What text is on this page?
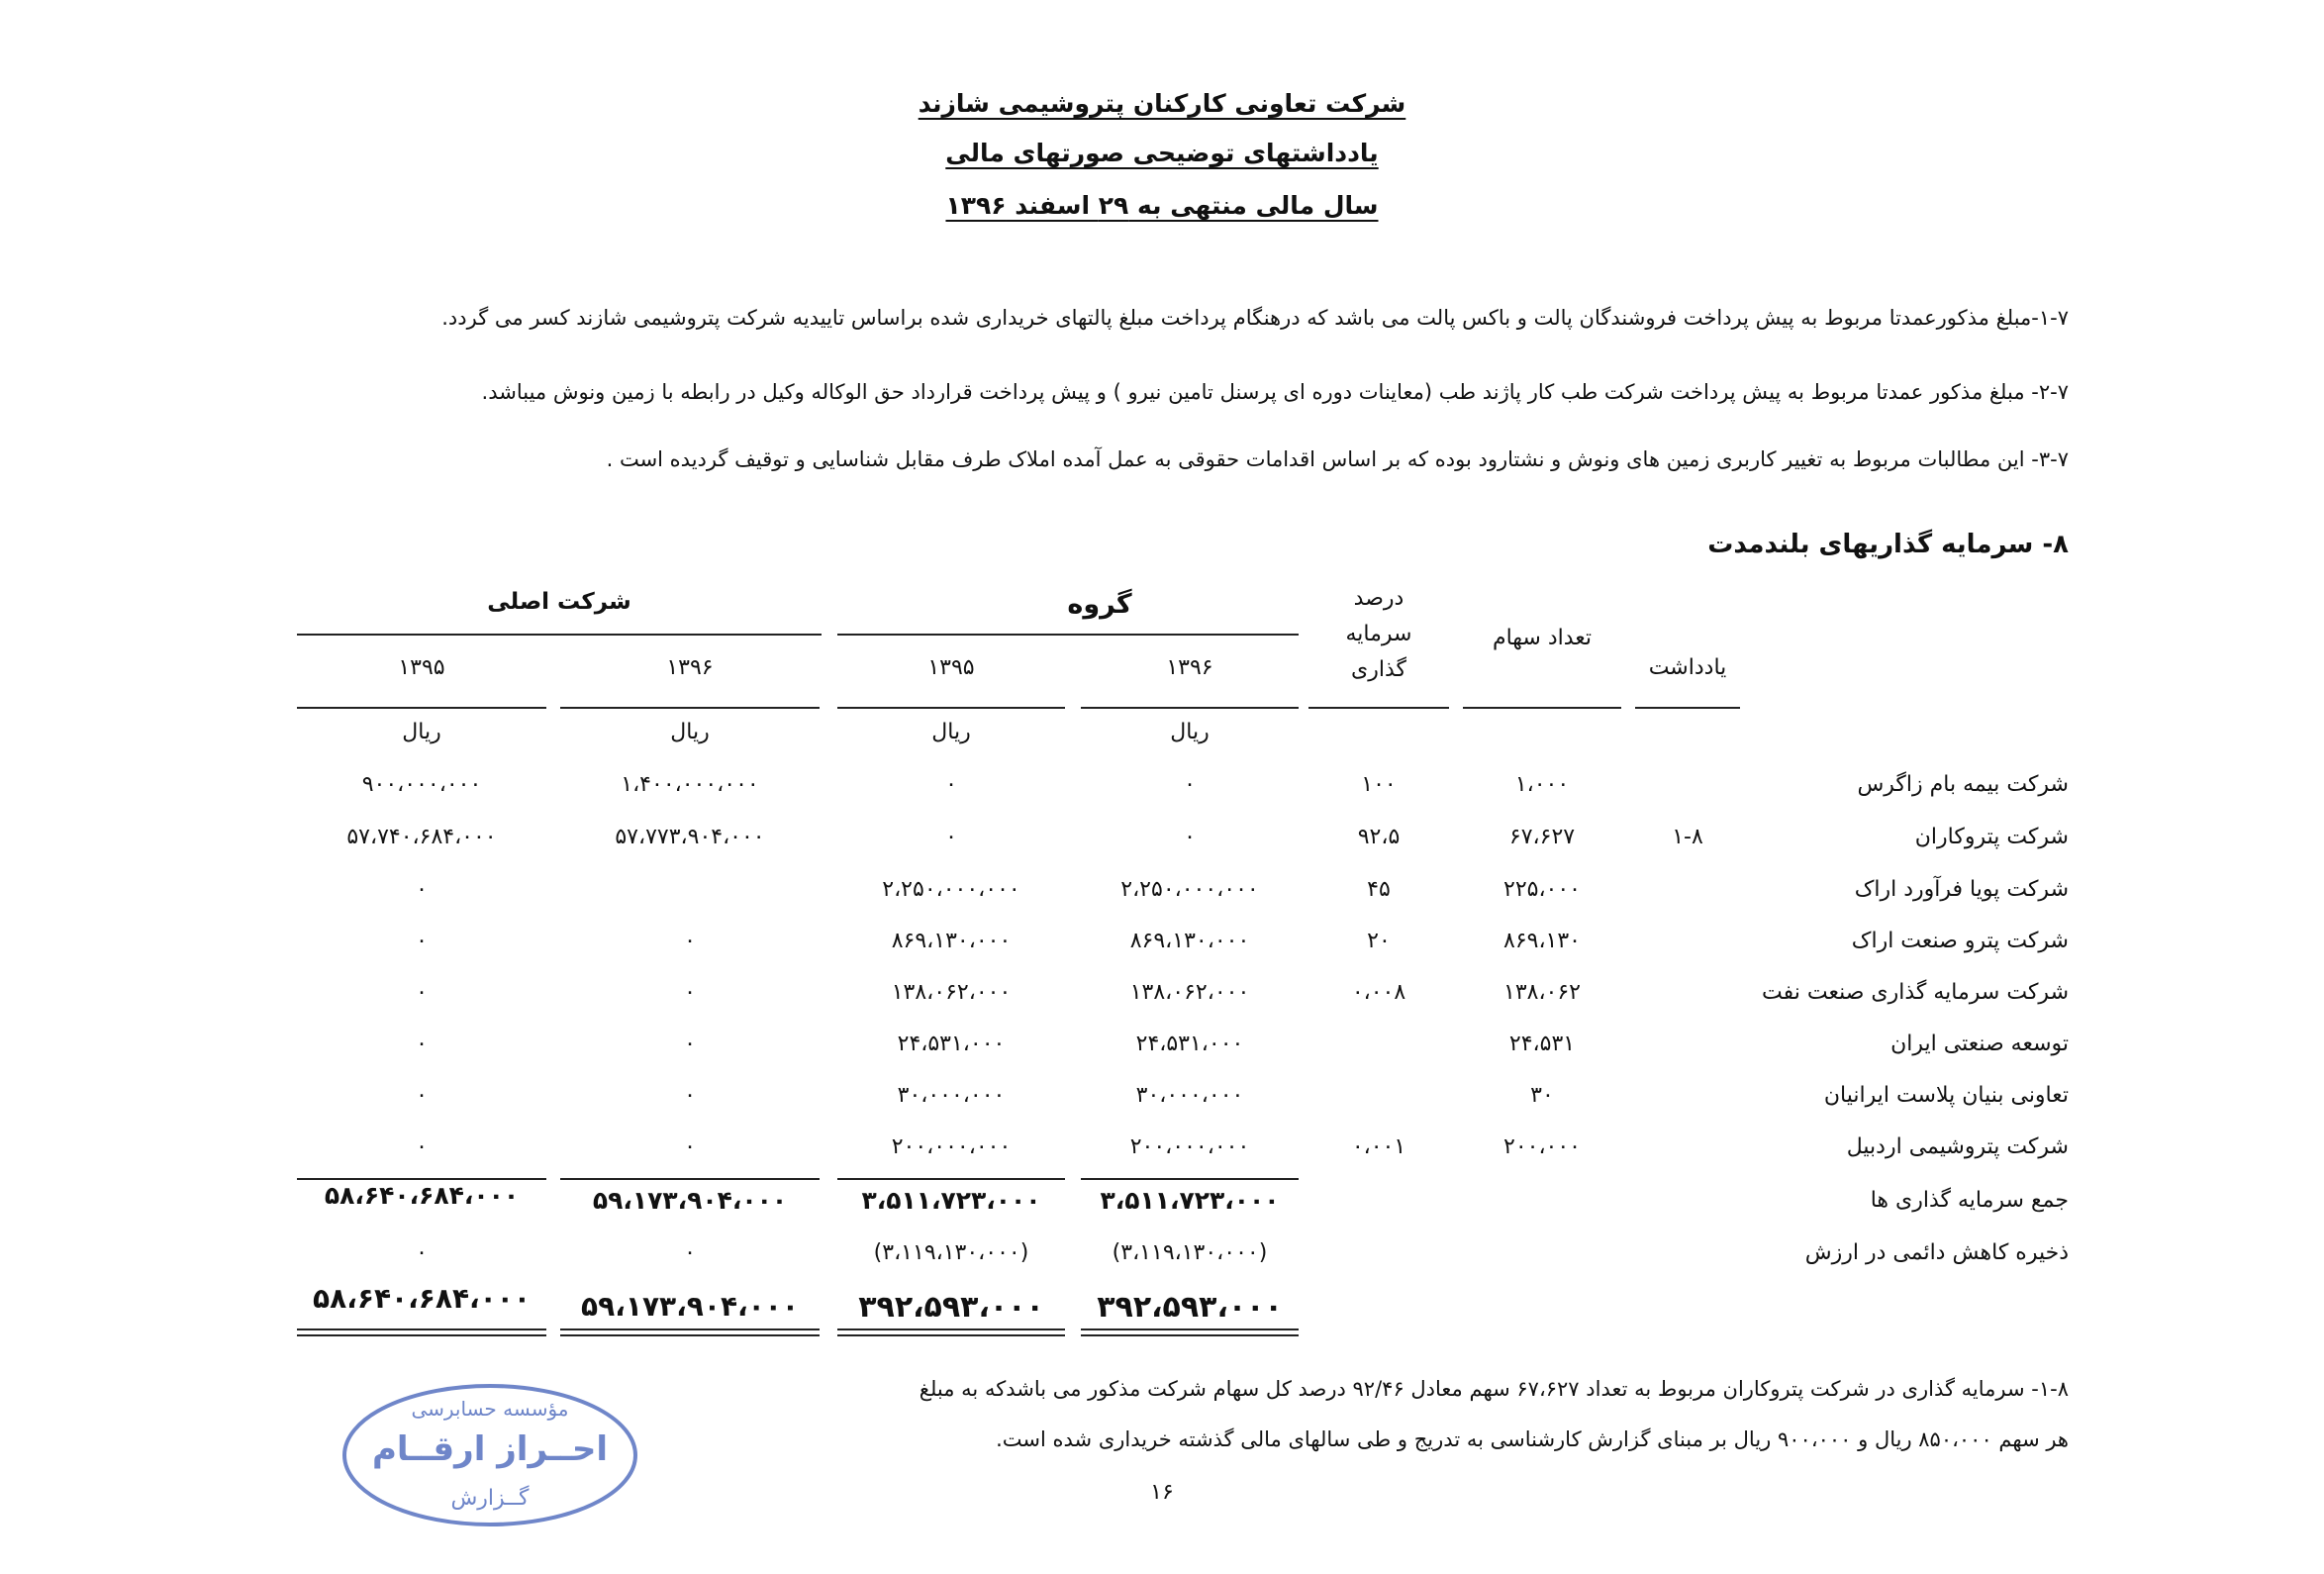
شرکت تعاونی کارکنان پتروشیمی شازند
یادداشتهای توضیحی صورتهای مالی
سال مالی منتهی به ۲۹ اسفند ۱۳۹۶
۱-۷-مبلغ مذکورعمدتا مربوط به پیش پرداخت فروشندگان پالت و باکس پالت می باشد که درهنگام پرداخت مبلغ پالتهای خریداری شده براساس تاییدیه شرکت پتروشیمی شازند کسر می گردد.
۲-۷- مبلغ مذکور عمدتا مربوط به پیش پرداخت شرکت طب کار پاژند طب (معاینات دوره ای پرسنل تامین نیرو ) و پیش پرداخت قرارداد حق الوکاله وکیل در رابطه با زمین ونوش میباشد.
۳-۷- این مطالبات مربوط به تغییر کاربری زمین های ونوش و نشتارود بوده که بر اساس اقدامات حقوقی به عمل آمده املاک طرف مقابل شناسایی و توقیف گردیده است .
۸- سرمایه گذاریهای بلندمدت
گروه
شرکت اصلی	درصد
سرمایه
گذاری
تعداد سهام
یادداشت
۱۳۹۶
۱۳۹۵
۱۳۹۶
۱۳۹۵
ریال
ریال
ریال
ریال
شرکت بیمه بام زاگرس
۱،۰۰۰
۱۰۰
۰
۰
۱،۴۰۰،۰۰۰،۰۰۰
۹۰۰،۰۰۰،۰۰۰
شرکت پتروکاران
۱-۸
۶۷،۶۲۷
۹۲،۵
۰
۰
۵۷،۷۷۳،۹۰۴،۰۰۰
۵۷،۷۴۰،۶۸۴،۰۰۰
شرکت پویا فرآورد اراک
۲۲۵،۰۰۰
۴۵
۲،۲۵۰،۰۰۰،۰۰۰
۲،۲۵۰،۰۰۰،۰۰۰
۰
شرکت پترو صنعت اراک
۸۶۹،۱۳۰
۲۰
۸۶۹،۱۳۰،۰۰۰
۸۶۹،۱۳۰،۰۰۰
۰
۰
شرکت سرمایه گذاری صنعت نفت
۱۳۸،۰۶۲
۰،۰۰۸
۱۳۸،۰۶۲،۰۰۰
۱۳۸،۰۶۲،۰۰۰
۰
۰
توسعه صنعتی ایران
۲۴،۵۳۱
۲۴،۵۳۱،۰۰۰
۲۴،۵۳۱،۰۰۰
۰
۰
تعاونی بنیان پلاست ایرانیان
۳۰
۳۰،۰۰۰،۰۰۰
۳۰،۰۰۰،۰۰۰
۰
۰
شرکت پتروشیمی اردبیل
۲۰۰،۰۰۰
۰،۰۰۱
۲۰۰،۰۰۰،۰۰۰
۲۰۰،۰۰۰،۰۰۰
۰
۰
جمع سرمایه گذاری ها
۳،۵۱۱،۷۲۳،۰۰۰
۳،۵۱۱،۷۲۳،۰۰۰
۵۹،۱۷۳،۹۰۴،۰۰۰
۵۸،۶۴۰،۶۸۴،۰۰۰
ذخیره کاهش دائمی در ارزش
(۳،۱۱۹،۱۳۰،۰۰۰)
(۳،۱۱۹،۱۳۰،۰۰۰)
۰
۰
۳۹۲،۵۹۳،۰۰۰
۳۹۲،۵۹۳،۰۰۰
۵۹،۱۷۳،۹۰۴،۰۰۰
۵۸،۶۴۰،۶۸۴،۰۰۰
۱-۸- سرمایه گذاری در شرکت پتروکاران مربوط به تعداد ۶۷،۶۲۷ سهم معادل ۹۲/۴۶ درصد کل سهام شرکت مذکور می باشدکه به مبلغ
هر سهم ۸۵۰،۰۰۰ ریال و ۹۰۰،۰۰۰ ریال بر مبنای گزارش کارشناسی به تدریج و طی سالهای مالی گذشته خریداری شده است.
مؤسسه حسابرسی
احــراز ارقــام
گــزارش	۱۶
